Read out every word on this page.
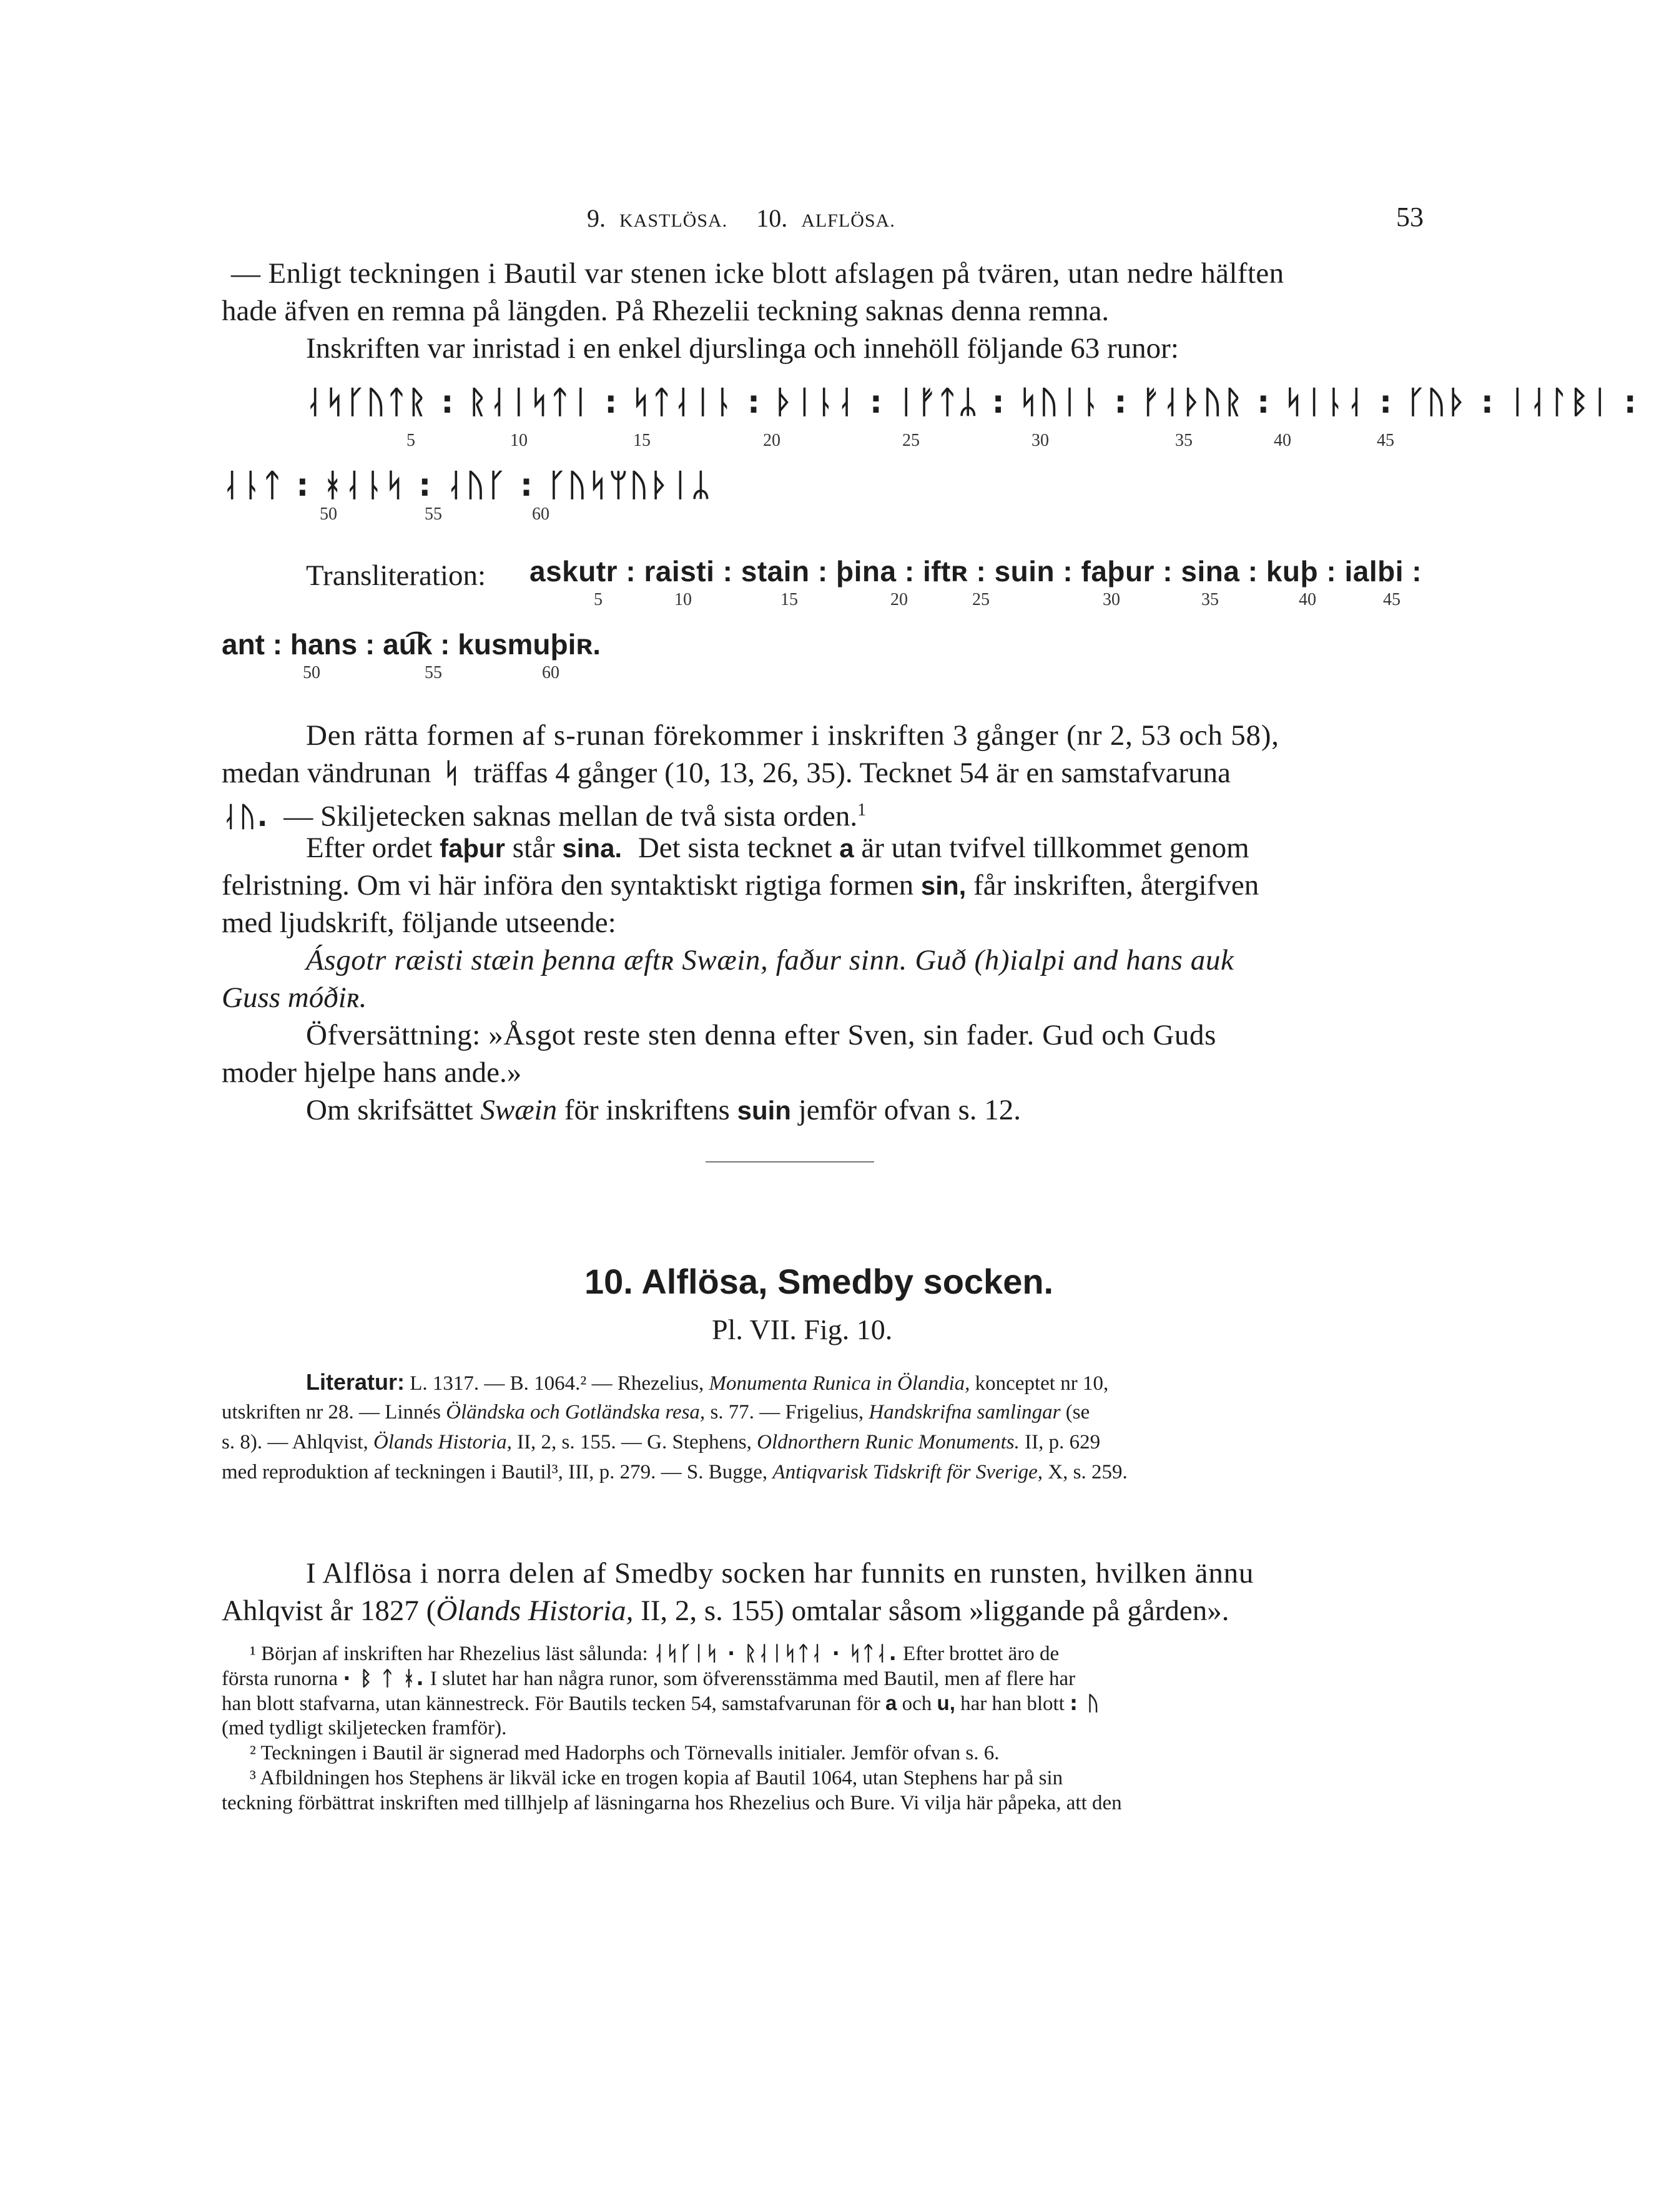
9. KASTLÖSA. 10. ALFLÖSA.	53
— Enligt teckningen i Bautil var stenen icke blott afslagen på tvären, utan nedre hälften
hade äfven en remna på längden. På Rhezelii teckning saknas denna remna.
Inskriften var inristad i en enkel djurslinga och innehöll följande 63 runor:
ᛆᛋᚴᚢᛏᚱ : ᚱᛆᛁᛋᛏᛁ : ᛋᛏᛆᛁᚿ : ᚦᛁᚿᛆ : ᛁᚠᛏᛦ : ᛋᚢᛁᚿ : ᚠᛆᚦᚢᚱ : ᛋᛁᚿᛆ : ᚴᚢᚦ : ᛁᛆᛚᛒᛁ :
5	10	15	20	25	30	35	40	45
ᛆᚿᛏ : ᚼᛆᚿᛋ : ᛆᚢᚴ : ᚴᚢᛋᛘᚢᚦᛁᛦ
50	55	60
Transliteration: askutr : raisti : stain : þina : iftʀ : suin : faþur : sina : kuþ : ialbi :
5	10	15	20	25	30	35	40	45
ant : hans : au͡k : kusmuþiʀ.
50	55	60
Den rätta formen af s-runan förekommer i inskriften 3 gånger (nr 2, 53 och 58),
medan vändrunan ᛋ träffas 4 gånger (10, 13, 26, 35). Tecknet 54 är en samstafvaruna
ᛆᚢ. — Skiljetecken saknas mellan de två sista orden.$^1$
Efter ordet faþur står sina. Det sista tecknet a är utan tvifvel tillkommet genom
felristning. Om vi här införa den syntaktiskt rigtiga formen sin, får inskriften, återgifven
med ljudskrift, följande utseende:
Ásgotr ræisti stæin þenna æftʀ Swæin, faður sinn. Guð (h)ialpi and hans auk
Guss móðiʀ.
Öfversättning: »Åsgot reste sten denna efter Sven, sin fader. Gud och Guds
moder hjelpe hans ande.»
Om skrifsättet Swæin för inskriftens suin jemför ofvan s. 12.
10. Alflösa, Smedby socken.
Pl. VII. Fig. 10.
Literatur: L. 1317. — B. 1064.² — Rhezelius, Monumenta Runica in Ölandia, konceptet nr 10,
utskriften nr 28. — Linnés Öländska och Gotländska resa, s. 77. — Frigelius, Handskrifna samlingar (se
s. 8). — Ahlqvist, Ölands Historia, II, 2, s. 155. — G. Stephens, Oldnorthern Runic Monuments. II, p. 629
med reproduktion af teckningen i Bautil³, III, p. 279. — S. Bugge, Antiqvarisk Tidskrift för Sverige, X, s. 259.
I Alflösa i norra delen af Smedby socken har funnits en runsten, hvilken ännu
Ahlqvist år 1827 (Ölands Historia, II, 2, s. 155) omtalar såsom »liggande på gården».
¹ Början af inskriften har Rhezelius läst sålunda: ᛆᛋᚴᛁᛋ · ᚱᛆᛁᛋᛏᛆ · ᛋᛏᛆ. Efter brottet äro de
första runorna · ᛒ ᛏ ᚼ. I slutet har han några runor, som öfverensstämma med Bautil, men af flere har
han blott stafvarna, utan kännestreck. För Bautils tecken 54, samstafvarunan för a och u, har han blott : ᚢ
(med tydligt skiljetecken framför).
² Teckningen i Bautil är signerad med Hadorphs och Törnevalls initialer. Jemför ofvan s. 6.
³ Afbildningen hos Stephens är likväl icke en trogen kopia af Bautil 1064, utan Stephens har på sin
teckning förbättrat inskriften med tillhjelp af läsningarna hos Rhezelius och Bure. Vi vilja här påpeka, att den
